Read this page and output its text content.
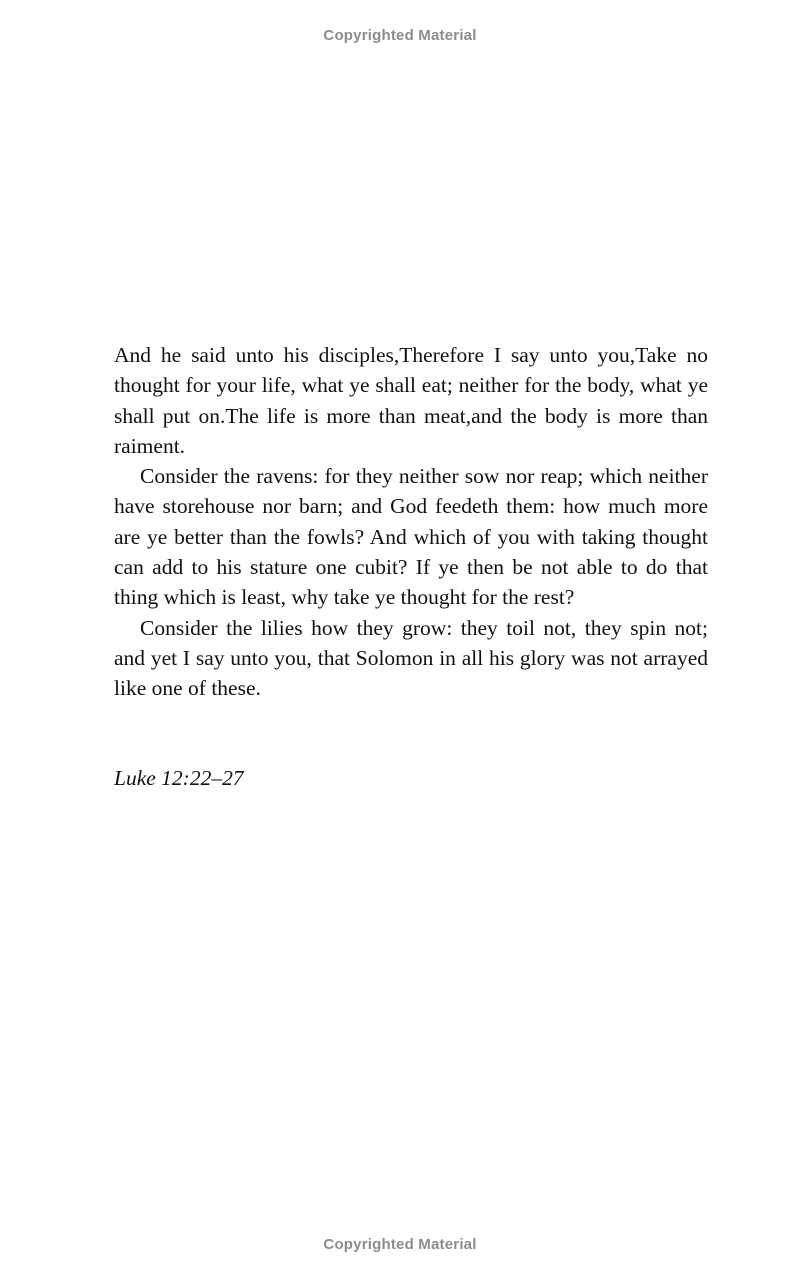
Copyrighted Material

And he said unto his disciples,Therefore I say unto you,Take no thought for your life, what ye shall eat; neither for the body, what ye shall put on.The life is more than meat,and the body is more than raiment.

Consider the ravens: for they neither sow nor reap; which neither have storehouse nor barn; and God feedeth them: how much more are ye better than the fowls? And which of you with taking thought can add to his stature one cubit? If ye then be not able to do that thing which is least, why take ye thought for the rest?

Consider the lilies how they grow: they toil not, they spin not; and yet I say unto you, that Solomon in all his glory was not arrayed like one of these.

Luke 12:22–27
Copyrighted Material
